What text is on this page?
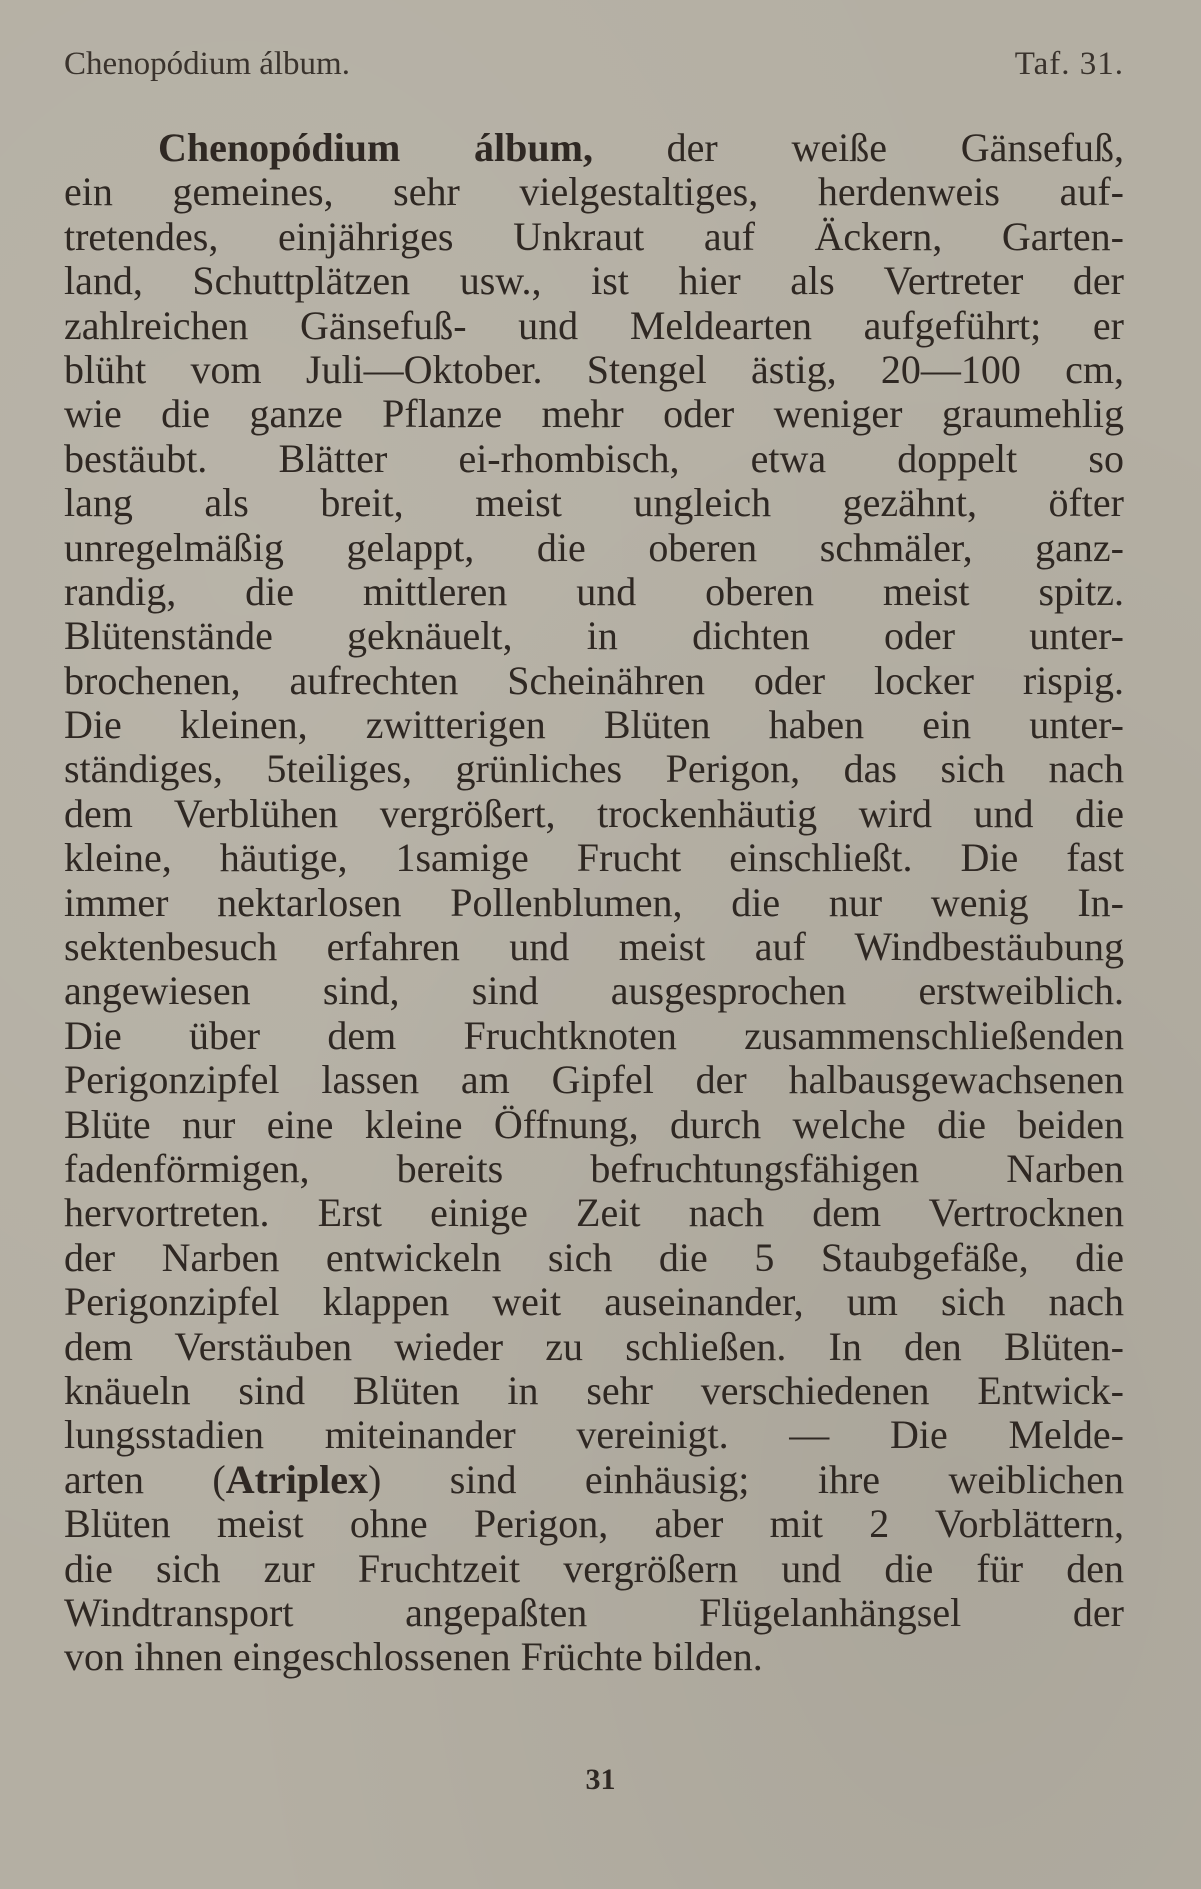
Chenopódium álbum.	Taf. 31.
Chenopódium álbum, der weiße Gänsefuß,
ein gemeines, sehr vielgestaltiges, herdenweis auf-
tretendes, einjähriges Unkraut auf Äckern, Garten-
land, Schuttplätzen usw., ist hier als Vertreter der
zahlreichen Gänsefuß- und Meldearten aufgeführt; er
blüht vom Juli—Oktober. Stengel ästig, 20—100 cm,
wie die ganze Pflanze mehr oder weniger graumehlig
bestäubt. Blätter ei-rhombisch, etwa doppelt so
lang als breit, meist ungleich gezähnt, öfter
unregelmäßig gelappt, die oberen schmäler, ganz-
randig, die mittleren und oberen meist spitz.
Blütenstände geknäuelt, in dichten oder unter-
brochenen, aufrechten Scheinähren oder locker rispig.
Die kleinen, zwitterigen Blüten haben ein unter-
ständiges, 5teiliges, grünliches Perigon, das sich nach
dem Verblühen vergrößert, trockenhäutig wird und die
kleine, häutige, 1samige Frucht einschließt. Die fast
immer nektarlosen Pollenblumen, die nur wenig In-
sektenbesuch erfahren und meist auf Windbestäubung
angewiesen sind, sind ausgesprochen erstweiblich.
Die über dem Fruchtknoten zusammenschließenden
Perigonzipfel lassen am Gipfel der halbausgewachsenen
Blüte nur eine kleine Öffnung, durch welche die beiden
fadenförmigen, bereits befruchtungsfähigen Narben
hervortreten. Erst einige Zeit nach dem Vertrocknen
der Narben entwickeln sich die 5 Staubgefäße, die
Perigonzipfel klappen weit auseinander, um sich nach
dem Verstäuben wieder zu schließen. In den Blüten-
knäueln sind Blüten in sehr verschiedenen Entwick-
lungsstadien miteinander vereinigt. — Die Melde-
arten (Atriplex) sind einhäusig; ihre weiblichen
Blüten meist ohne Perigon, aber mit 2 Vorblättern,
die sich zur Fruchtzeit vergrößern und die für den
Windtransport angepaßten Flügelanhängsel der
von ihnen eingeschlossenen Früchte bilden.
31
